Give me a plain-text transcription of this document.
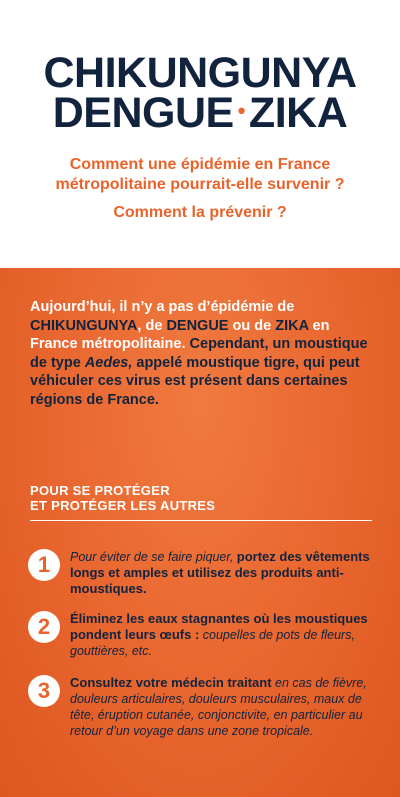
CHIKUNGUNYA
DENGUE •ZIKA
Comment une épidémie en France
métropolitaine pourrait-elle survenir ?
Comment la prévenir ?
Aujourd’hui, il n’y a pas d’épidémie de CHIKUNGUNYA, de DENGUE ou de ZIKA en France métropolitaine. Cependant, un moustique de type Aedes, appelé moustique tigre, qui peut véhiculer ces virus est présent dans certaines régions de France.
POUR SE PROTÉGER
ET PROTÉGER LES AUTRES
1	Pour éviter de se faire piquer, portez des vêtements longs et amples et utilisez des produits anti-moustiques.
2	Éliminez les eaux stagnantes où les moustiques pondent leurs œufs : coupelles de pots de fleurs, gouttières, etc.
3	Consultez votre médecin traitant en cas de fièvre, douleurs articulaires, douleurs musculaires, maux de tête, éruption cutanée, conjonctivite, en particulier au retour d’un voyage dans une zone tropicale.
